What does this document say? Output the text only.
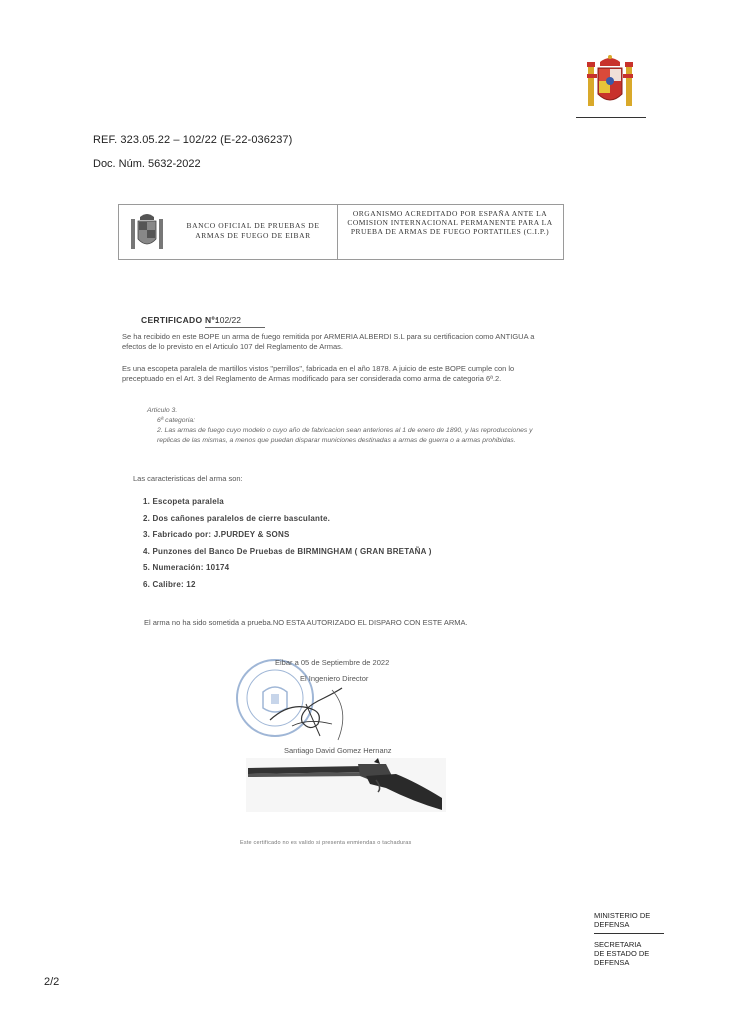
REF. 323.05.22 – 102/22 (E-22-036237)
Doc. Núm. 5632-2022
BANCO OFICIAL DE PRUEBAS DE ARMAS DE FUEGO DE EIBAR
ORGANISMO ACREDITADO POR ESPAÑA ANTE LA COMISION INTERNACIONAL PERMANENTE PARA LA PRUEBA DE ARMAS DE FUEGO PORTATILES (C.I.P.)
CERTIFICADO Nº:
102/22
Se ha recibido en este BOPE un arma de fuego remitida por ARMERIA ALBERDI S.L para su certificacion como ANTIGUA a efectos de lo previsto en el Articulo 107 del Reglamento de Armas.
Es una escopeta paralela de martillos vistos "perrillos", fabricada en el año 1878. A juicio de este BOPE cumple con lo preceptuado en el Art. 3 del Reglamento de Armas modificado para ser considerada como arma de categoria 6ª.2.
Articulo 3.
6ª categoria:
2. Las armas de fuego cuyo modelo o cuyo año de fabricacion sean anteriores al 1 de enero de 1890, y las reproducciones y replicas de las mismas, a menos que puedan disparar municiones destinadas a armas de guerra o a armas prohibidas.
Las caracteristicas del arma son:
1. Escopeta paralela
2. Dos cañones paralelos de cierre basculante.
3. Fabricado por: J.PURDEY & SONS
4. Punzones del Banco De Pruebas de BIRMINGHAM ( GRAN BRETAÑA )
5. Numeración: 10174
6. Calibre: 12
El arma no ha sido sometida a prueba.NO ESTA AUTORIZADO EL DISPARO CON ESTE ARMA.
Eibar a 05 de Septiembre de 2022
El Ingeniero Director
Santiago David Gomez Hernanz
Este certificado no es valido si presenta enmiendas o tachaduras
MINISTERIO DE
DEFENSA
SECRETARIA
DE ESTADO DE
DEFENSA
2/2
